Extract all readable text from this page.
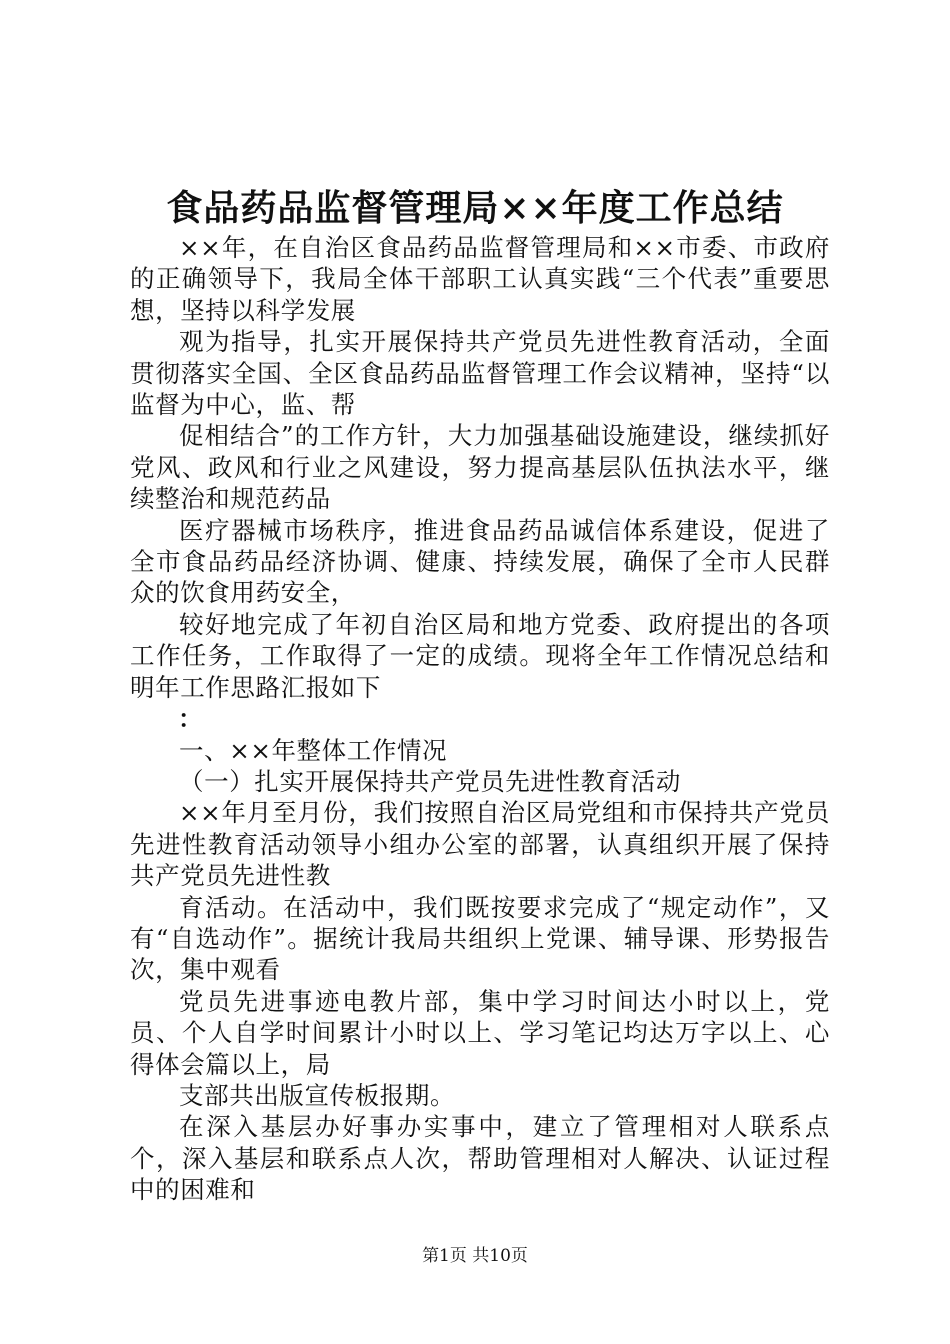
食品药品监督管理局××年度工作总结

××年，在自治区食品药品监督管理局和××市委、市政府的正确领导下，我局全体干部职工认真实践“三个代表”重要思想，坚持以科学发展

观为指导，扎实开展保持共产党员先进性教育活动，全面贯彻落实全国、全区食品药品监督管理工作会议精神，坚持“以监督为中心，监、帮

促相结合”的工作方针，大力加强基础设施建设，继续抓好党风、政风和行业之风建设，努力提高基层队伍执法水平，继续整治和规范药品

医疗器械市场秩序，推进食品药品诚信体系建设，促进了全市食品药品经济协调、健康、持续发展，确保了全市人民群众的饮食用药安全，

较好地完成了年初自治区局和地方党委、政府提出的各项工作任务，工作取得了一定的成绩。现将全年工作情况总结和明年工作思路汇报如下

：

一、××年整体工作情况

（一）扎实开展保持共产党员先进性教育活动

××年月至月份，我们按照自治区局党组和市保持共产党员先进性教育活动领导小组办公室的部署，认真组织开展了保持共产党员先进性教

育活动。在活动中，我们既按要求完成了“规定动作”，又有“自选动作”。据统计我局共组织上党课、辅导课、形势报告次，集中观看

党员先进事迹电教片部，集中学习时间达小时以上，党员、个人自学时间累计小时以上、学习笔记均达万字以上、心得体会篇以上，局

支部共出版宣传板报期。

在深入基层办好事办实事中，建立了管理相对人联系点个，深入基层和联系点人次，帮助管理相对人解决、认证过程中的困难和

第1页 共10页
